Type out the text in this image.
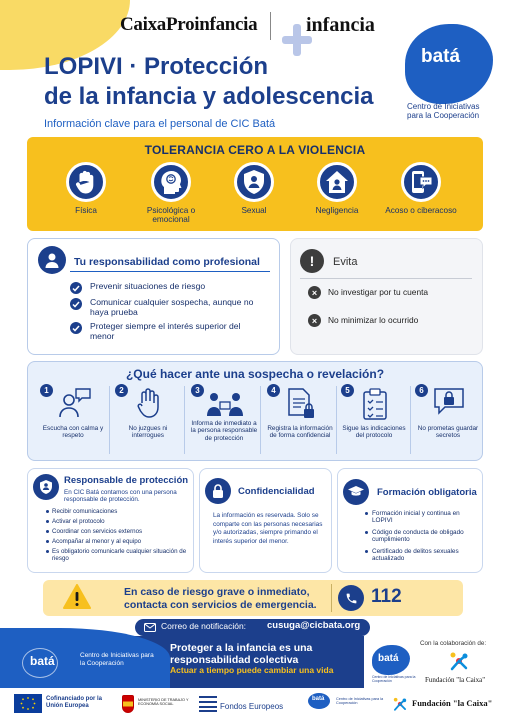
CaixaProinfancia infancia
LOPIVI · Protección
de la infancia y adolescencia
Información clave para el personal de CIC Batá
batá
Centro de Iniciativas para la Cooperación
TOLERANCIA CERO A LA VIOLENCIA
Física	Psicológica o emocional
Sexual	Negligencia	Acoso o ciberacoso
Tu responsabilidad como profesional
Prevenir situaciones de riesgo
Comunicar cualquier sospecha, aunque no haya prueba
Proteger siempre el interés superior del menor
!	Evita
×	No investigar por tu cuenta
×	No minimizar lo ocurrido
¿Qué hacer ante una sospecha o revelación?
1
Escucha con calma y respeto
2
No juzgues ni interrogues
3
Informa de inmediato a la persona responsable de protección
4
Registra la información de forma confidencial
5
Sigue las indicaciones del protocolo
6
No prometas guardar secretos
Responsable de protección
En CIC Batá contamos con una persona responsable de protección.
Recibir comunicaciones
Activar el protocolo
Coordinar con servicios externos
Acompañar al menor y al equipo
Es obligatorio comunicarle cualquier situación de riesgo
Confidencialidad
La información es reservada. Solo se comparte con las personas necesarias y/o autorizadas, siempre primando el interés superior del menor.
Formación obligatoria
Formación inicial y continua en LOPIVI
Código de conducta de obligado cumplimiento
Certificado de delitos sexuales actualizado
En caso de riesgo grave o inmediato,
contacta con servicios de emergencia.	112
Correo de notificación: cusuga@cicbata.org
batá	Centro de Iniciativas para la Cooperación
Proteger a la infancia es una
responsabilidad colectiva
Actuar a tiempo puede cambiar una vida
Con la colaboración de:
batá
Centro de Iniciativas para la Cooperación	Fundación "la Caixa"
Cofinanciado por la Unión Europea
MINISTERIO DE TRABAJO Y ECONOMÍA SOCIAL	Fondos Europeos
batá	Centro de Iniciativas para la Cooperación	Fundación "la Caixa"
